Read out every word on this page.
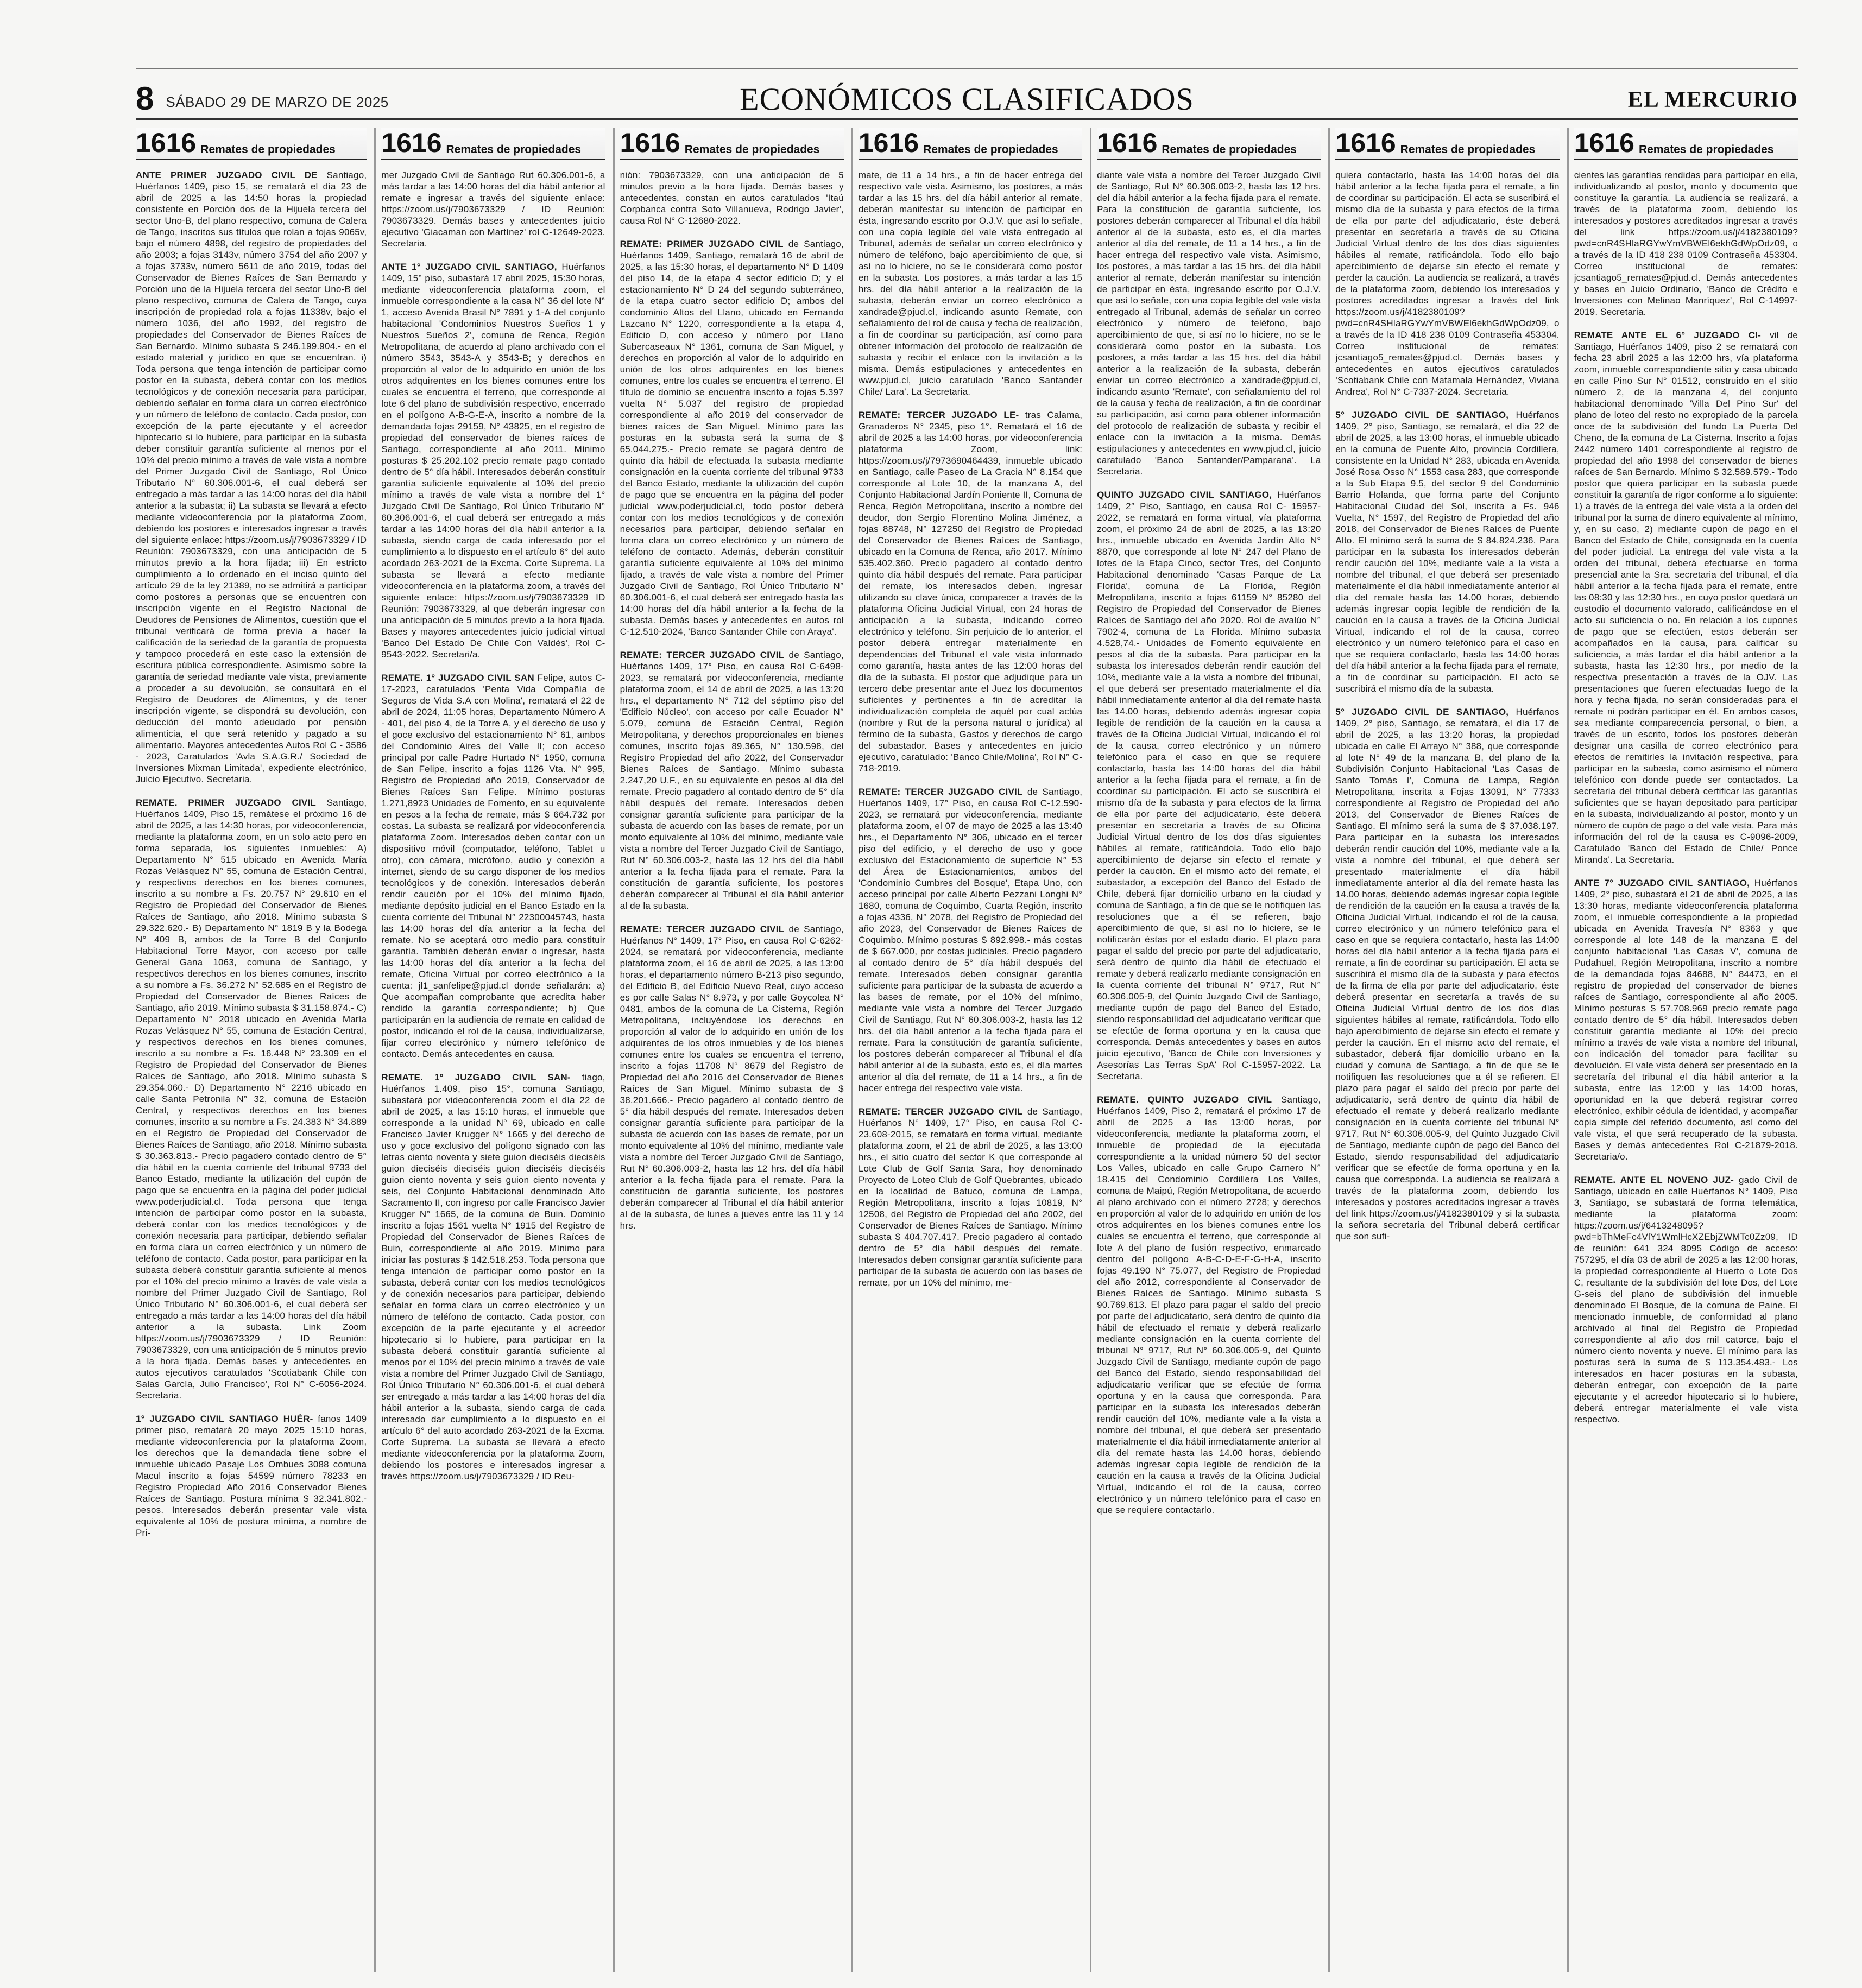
8 SÁBADO 29 DE MARZO DE 2025	ECONÓMICOS CLASIFICADOS	EL MERCURIO
1616 Remates de propiedades

ANTE PRIMER JUZGADO CIVIL DE Santiago, Huérfanos 1409, piso 15, se rematará el día 23 de abril de 2025 a las 14:50 horas la propiedad consistente en Porción dos de la Hijuela tercera del sector Uno-B, del plano respectivo, comuna de Calera de Tango, inscritos sus títulos que rolan a fojas 9065v, bajo el número 4898, del registro de propiedades del año 2003; a fojas 3143v, número 3754 del año 2007 y a fojas 3733v, número 5611 de año 2019, todas del Conservador de Bienes Raíces de San Bernardo y Porción uno de la Hijuela tercera del sector Uno-B del plano respectivo, comuna de Calera de Tango, cuya inscripción de propiedad rola a fojas 11338v, bajo el número 1036, del año 1992, del registro de propiedades del Conservador de Bienes Raíces de San Bernardo. Mínimo subasta $ 246.199.904.- en el estado material y jurídico en que se encuentran. i) Toda persona que tenga intención de participar como postor en la subasta, deberá contar con los medios tecnológicos y de conexión necesaria para participar, debiendo señalar en forma clara un correo electrónico y un número de teléfono de contacto. Cada postor, con excepción de la parte ejecutante y el acreedor hipotecario si lo hubiere, para participar en la subasta deber constituir garantía suficiente al menos por el 10% del precio mínimo a través de vale vista a nombre del Primer Juzgado Civil de Santiago, Rol Único Tributario N° 60.306.001-6, el cual deberá ser entregado a más tardar a las 14:00 horas del día hábil anterior a la subasta; ii) La subasta se llevará a efecto mediante videoconferencia por la plataforma Zoom, debiendo los postores e interesados ingresar a través del siguiente enlace: https://zoom.us/j/7903673329 / ID Reunión: 7903673329, con una anticipación de 5 minutos previo a la hora fijada; iii) En estricto cumplimiento a lo ordenado en el inciso quinto del artículo 29 de la ley 21389, no se admitirá a participar como postores a personas que se encuentren con inscripción vigente en el Registro Nacional de Deudores de Pensiones de Alimentos, cuestión que el tribunal verificará de forma previa a hacer la calificación de la seriedad de la garantía de propuesta y tampoco procederá en este caso la extensión de escritura pública correspondiente. Asimismo sobre la garantía de seriedad mediante vale vista, previamente a proceder a su devolución, se consultará en el Registro de Deudores de Alimentos, y de tener inscripción vigente, se dispondrá su devolución, con deducción del monto adeudado por pensión alimenticia, el que será retenido y pagado a su alimentario. Mayores antecedentes Autos Rol C - 3586 - 2023, Caratulados 'Avla S.A.G.R./ Sociedad de Inversiones Mixman Limitada', expediente electrónico, Juicio Ejecutivo. Secretaria.

REMATE. PRIMER JUZGADO CIVIL Santiago, Huérfanos 1409, Piso 15, remátese el próximo 16 de abril de 2025, a las 14:30 horas, por videoconferencia, mediante la plataforma zoom, en un solo acto pero en forma separada, los siguientes inmuebles: A) Departamento N° 515 ubicado en Avenida María Rozas Velásquez N° 55, comuna de Estación Central, y respectivos derechos en los bienes comunes, inscrito a su nombre a Fs. 20.757 N° 29.610 en el Registro de Propiedad del Conservador de Bienes Raíces de Santiago, año 2018. Mínimo subasta $ 29.322.620.- B) Departamento N° 1819 B y la Bodega N° 409 B, ambos de la Torre B del Conjunto Habitacional Torre Mayor, con acceso por calle General Gana 1063, comuna de Santiago, y respectivos derechos en los bienes comunes, inscrito a su nombre a Fs. 36.272 N° 52.685 en el Registro de Propiedad del Conservador de Bienes Raíces de Santiago, año 2019. Mínimo subasta $ 31.158.874.- C) Departamento N° 2018 ubicado en Avenida María Rozas Velásquez N° 55, comuna de Estación Central, y respectivos derechos en los bienes comunes, inscrito a su nombre a Fs. 16.448 N° 23.309 en el Registro de Propiedad del Conservador de Bienes Raíces de Santiago, año 2018. Mínimo subasta $ 29.354.060.- D) Departamento N° 2216 ubicado en calle Santa Petronila N° 32, comuna de Estación Central, y respectivos derechos en los bienes comunes, inscrito a su nombre a Fs. 24.383 N° 34.889 en el Registro de Propiedad del Conservador de Bienes Raíces de Santiago, año 2018. Mínimo subasta $ 30.363.813.- Precio pagadero contado dentro de 5° día hábil en la cuenta corriente del tribunal 9733 del Banco Estado, mediante la utilización del cupón de pago que se encuentra en la página del poder judicial www.poderjudicial.cl. Toda persona que tenga intención de participar como postor en la subasta, deberá contar con los medios tecnológicos y de conexión necesaria para participar, debiendo señalar en forma clara un correo electrónico y un número de teléfono de contacto. Cada postor, para participar en la subasta deberá constituir garantía suficiente al menos por el 10% del precio mínimo a través de vale vista a nombre del Primer Juzgado Civil de Santiago, Rol Único Tributario N° 60.306.001-6, el cual deberá ser entregado a más tardar a las 14:00 horas del día hábil anterior a la subasta. Link Zoom https://zoom.us/j/7903673329 / ID Reunión: 7903673329, con una anticipación de 5 minutos previo a la hora fijada. Demás bases y antecedentes en autos ejecutivos caratulados 'Scotiabank Chile con Salas García, Julio Francisco', Rol N° C-6056-2024. Secretaria.

1° JUZGADO CIVIL SANTIAGO HUÉR- fanos 1409 primer piso, rematará 20 mayo 2025 15:10 horas, mediante videoconferencia por la plataforma Zoom, los derechos que la demandada tiene sobre el inmueble ubicado Pasaje Los Ombues 3088 comuna Macul inscrito a fojas 54599 número 78233 en Registro Propiedad Año 2016 Conservador Bienes Raíces de Santiago. Postura mínima $ 32.341.802.-pesos. Interesados deberán presentar vale vista equivalente al 10% de postura mínima, a nombre de Pri-

1616 Remates de propiedades

mer Juzgado Civil de Santiago Rut 60.306.001-6, a más tardar a las 14:00 horas del día hábil anterior al remate e ingresar a través del siguiente enlace: https://zoom.us/j/7903673329 / ID Reunión: 7903673329. Demás bases y antecedentes juicio ejecutivo 'Giacaman con Martínez' rol C-12649-2023. Secretaria.

ANTE 1° JUZGADO CIVIL SANTIAGO, Huérfanos 1409, 15° piso, subastará 17 abril 2025, 15:30 horas, mediante videoconferencia plataforma zoom, el inmueble correspondiente a la casa N° 36 del lote N° 1, acceso Avenida Brasil N° 7891 y 1-A del conjunto habitacional 'Condominios Nuestros Sueños 1 y Nuestros Sueños 2', comuna de Renca, Región Metropolitana, de acuerdo al plano archivado con el número 3543, 3543-A y 3543-B; y derechos en proporción al valor de lo adquirido en unión de los otros adquirentes en los bienes comunes entre los cuales se encuentra el terreno, que corresponde al lote 6 del plano de subdivisión respectivo, encerrado en el polígono A-B-G-E-A, inscrito a nombre de la demandada fojas 29159, N° 43825, en el registro de propiedad del conservador de bienes raíces de Santiago, correspondiente al año 2011. Mínimo posturas $ 25.202.102 precio remate pago contado dentro de 5° día hábil. Interesados deberán constituir garantía suficiente equivalente al 10% del precio mínimo a través de vale vista a nombre del 1° Juzgado Civil De Santiago, Rol Único Tributario N° 60.306.001-6, el cual deberá ser entregado a más tardar a las 14:00 horas del día hábil anterior a la subasta, siendo carga de cada interesado por el cumplimiento a lo dispuesto en el artículo 6° del auto acordado 263-2021 de la Excma. Corte Suprema. La subasta se llevará a efecto mediante videoconferencia en la plataforma zoom, a través del siguiente enlace: https://zoom.us/j/7903673329 ID Reunión: 7903673329, al que deberán ingresar con una anticipación de 5 minutos previo a la hora fijada. Bases y mayores antecedentes juicio judicial virtual 'Banco Del Estado De Chile Con Valdés', Rol C-9543-2022. Secretari/a.

REMATE. 1° JUZGADO CIVIL SAN Felipe, autos C-17-2023, caratulados 'Penta Vida Compañía de Seguros de Vida S.A con Molina', rematará el 22 de abril de 2024, 11:05 horas, Departamento Número A - 401, del piso 4, de la Torre A, y el derecho de uso y el goce exclusivo del estacionamiento N° 61, ambos del Condominio Aires del Valle II; con acceso principal por calle Padre Hurtado N° 1950, comuna de San Felipe, inscrito a fojas 1126 Vta. N° 995, Registro de Propiedad año 2019, Conservador de Bienes Raíces San Felipe. Mínimo posturas 1.271,8923 Unidades de Fomento, en su equivalente en pesos a la fecha de remate, más $ 664.732 por costas. La subasta se realizará por videoconferencia plataforma Zoom. Interesados deben contar con un dispositivo móvil (computador, teléfono, Tablet u otro), con cámara, micrófono, audio y conexión a internet, siendo de su cargo disponer de los medios tecnológicos y de conexión. Interesados deberán rendir caución por el 10% del mínimo fijado, mediante depósito judicial en el Banco Estado en la cuenta corriente del Tribunal N° 22300045743, hasta las 14:00 horas del día anterior a la fecha del remate. No se aceptará otro medio para constituir garantía. También deberán enviar o ingresar, hasta las 14:00 horas del día anterior a la fecha del remate, Oficina Virtual por correo electrónico a la cuenta: jl1_sanfelipe@pjud.cl donde señalarán: a) Que acompañan comprobante que acredita haber rendido la garantía correspondiente; b) Que participarán en la audiencia de remate en calidad de postor, indicando el rol de la causa, individualizarse, fijar correo electrónico y número telefónico de contacto. Demás antecedentes en causa.

REMATE. 1° JUZGADO CIVIL SAN- tiago, Huérfanos 1.409, piso 15°, comuna Santiago, subastará por videoconferencia zoom el día 22 de abril de 2025, a las 15:10 horas, el inmueble que corresponde a la unidad N° 69, ubicado en calle Francisco Javier Krugger N° 1665 y del derecho de uso y goce exclusivo del polígono signado con las letras ciento noventa y siete guion dieciséis dieciséis guion dieciséis dieciséis guion dieciséis dieciséis guion ciento noventa y seis guion ciento noventa y seis, del Conjunto Habitacional denominado Alto Sacramento II, con ingreso por calle Francisco Javier Krugger N° 1665, de la comuna de Buin. Dominio inscrito a fojas 1561 vuelta N° 1915 del Registro de Propiedad del Conservador de Bienes Raíces de Buin, correspondiente al año 2019. Mínimo para iniciar las posturas $ 142.518.253. Toda persona que tenga intención de participar como postor en la subasta, deberá contar con los medios tecnológicos y de conexión necesarios para participar, debiendo señalar en forma clara un correo electrónico y un número de teléfono de contacto. Cada postor, con excepción de la parte ejecutante y el acreedor hipotecario si lo hubiere, para participar en la subasta deberá constituir garantía suficiente al menos por el 10% del precio mínimo a través de vale vista a nombre del Primer Juzgado Civil de Santiago, Rol Único Tributario N° 60.306.001-6, el cual deberá ser entregado a más tardar a las 14:00 horas del día hábil anterior a la subasta, siendo carga de cada interesado dar cumplimiento a lo dispuesto en el artículo 6° del auto acordado 263-2021 de la Excma. Corte Suprema. La subasta se llevará a efecto mediante videoconferencia por la plataforma Zoom, debiendo los postores e interesados ingresar a través https://zoom.us/j/7903673329 / ID Reu-

1616 Remates de propiedades

nión: 7903673329, con una anticipación de 5 minutos previo a la hora fijada. Demás bases y antecedentes, constan en autos caratulados 'Itaú Corpbanca contra Soto Villanueva, Rodrigo Javier', causa Rol N° C-12680-2022.

REMATE: PRIMER JUZGADO CIVIL de Santiago, Huérfanos 1409, Santiago, rematará 16 de abril de 2025, a las 15:30 horas, el departamento N° D 1409 del piso 14, de la etapa 4 sector edificio D; y el estacionamiento N° D 24 del segundo subterráneo, de la etapa cuatro sector edificio D; ambos del condominio Altos del Llano, ubicado en Fernando Lazcano N° 1220, correspondiente a la etapa 4, Edificio D, con acceso y número por Llano Subercaseaux N° 1361, comuna de San Miguel, y derechos en proporción al valor de lo adquirido en unión de los otros adquirentes en los bienes comunes, entre los cuales se encuentra el terreno. El título de dominio se encuentra inscrito a fojas 5.397 vuelta N° 5.037 del registro de propiedad correspondiente al año 2019 del conservador de bienes raíces de San Miguel. Mínimo para las posturas en la subasta será la suma de $ 65.044.275.- Precio remate se pagará dentro de quinto día hábil de efectuada la subasta mediante consignación en la cuenta corriente del tribunal 9733 del Banco Estado, mediante la utilización del cupón de pago que se encuentra en la página del poder judicial www.poderjudicial.cl, todo postor deberá contar con los medios tecnológicos y de conexión necesarios para participar, debiendo señalar en forma clara un correo electrónico y un número de teléfono de contacto. Además, deberán constituir garantía suficiente equivalente al 10% del mínimo fijado, a través de vale vista a nombre del Primer Juzgado Civil de Santiago, Rol Único Tributario N° 60.306.001-6, el cual deberá ser entregado hasta las 14:00 horas del día hábil anterior a la fecha de la subasta. Demás bases y antecedentes en autos rol C-12.510-2024, 'Banco Santander Chile con Araya'.

REMATE: TERCER JUZGADO CIVIL de Santiago, Huérfanos 1409, 17° Piso, en causa Rol C-6498-2023, se rematará por videoconferencia, mediante plataforma zoom, el 14 de abril de 2025, a las 13:20 hrs., el departamento N° 712 del séptimo piso del 'Edificio Núcleo', con acceso por calle Ecuador N° 5.079, comuna de Estación Central, Región Metropolitana, y derechos proporcionales en bienes comunes, inscrito fojas 89.365, N° 130.598, del Registro Propiedad del año 2022, del Conservador Bienes Raíces de Santiago. Mínimo subasta 2.247,20 U.F., en su equivalente en pesos al día del remate. Precio pagadero al contado dentro de 5° día hábil después del remate. Interesados deben consignar garantía suficiente para participar de la subasta de acuerdo con las bases de remate, por un monto equivalente al 10% del mínimo, mediante vale vista a nombre del Tercer Juzgado Civil de Santiago, Rut N° 60.306.003-2, hasta las 12 hrs del día hábil anterior a la fecha fijada para el remate. Para la constitución de garantía suficiente, los postores deberán comparecer al Tribunal el día hábil anterior al de la subasta.

REMATE: TERCER JUZGADO CIVIL de Santiago, Huérfanos N° 1409, 17° Piso, en causa Rol C-6262-2024, se rematará por videoconferencia, mediante plataforma zoom, el 16 de abril de 2025, a las 13:00 horas, el departamento número B-213 piso segundo, del Edificio B, del Edificio Nuevo Real, cuyo acceso es por calle Salas N° 8.973, y por calle Goycolea N° 0481, ambos de la comuna de La Cisterna, Región Metropolitana, incluyéndose los derechos en proporción al valor de lo adquirido en unión de los adquirentes de los otros inmuebles y de los bienes comunes entre los cuales se encuentra el terreno, inscrito a fojas 11708 N° 8679 del Registro de Propiedad del año 2016 del Conservador de Bienes Raíces de San Miguel. Mínimo subasta de $ 38.201.666.- Precio pagadero al contado dentro de 5° día hábil después del remate. Interesados deben consignar garantía suficiente para participar de la subasta de acuerdo con las bases de remate, por un monto equivalente al 10% del mínimo, mediante vale vista a nombre del Tercer Juzgado Civil de Santiago, Rut N° 60.306.003-2, hasta las 12 hrs. del día hábil anterior a la fecha fijada para el remate. Para la constitución de garantía suficiente, los postores deberán comparecer al Tribunal el día hábil anterior al de la subasta, de lunes a jueves entre las 11 y 14 hrs.

1616 Remates de propiedades

mate, de 11 a 14 hrs., a fin de hacer entrega del respectivo vale vista. Asimismo, los postores, a más tardar a las 15 hrs. del día hábil anterior al remate, deberán manifestar su intención de participar en ésta, ingresando escrito por O.J.V. que así lo señale, con una copia legible del vale vista entregado al Tribunal, además de señalar un correo electrónico y número de teléfono, bajo apercibimiento de que, si así no lo hiciere, no se le considerará como postor en la subasta. Los postores, a más tardar a las 15 hrs. del día hábil anterior a la realización de la subasta, deberán enviar un correo electrónico a xandrade@pjud.cl, indicando asunto Remate, con señalamiento del rol de causa y fecha de realización, a fin de coordinar su participación, así como para obtener información del protocolo de realización de subasta y recibir el enlace con la invitación a la misma. Demás estipulaciones y antecedentes en www.pjud.cl, juicio caratulado 'Banco Santander Chile/ Lara'. La Secretaria.

REMATE: TERCER JUZGADO LE- tras Calama, Granaderos N° 2345, piso 1°. Rematará el 16 de abril de 2025 a las 14:00 horas, por videoconferencia plataforma Zoom, link: https://zoom.us/j/7973690464439, inmueble ubicado en Santiago, calle Paseo de La Gracia N° 8.154 que corresponde al Lote 10, de la manzana A, del Conjunto Habitacional Jardín Poniente II, Comuna de Renca, Región Metropolitana, inscrito a nombre del deudor, don Sergio Florentino Molina Jiménez, a fojas 88748, N° 127250 del Registro de Propiedad del Conservador de Bienes Raíces de Santiago, ubicado en la Comuna de Renca, año 2017. Mínimo 535.402.360. Precio pagadero al contado dentro quinto día hábil después del remate. Para participar del remate, los interesados deben, ingresar utilizando su clave única, comparecer a través de la plataforma Oficina Judicial Virtual, con 24 horas de anticipación a la subasta, indicando correo electrónico y teléfono. Sin perjuicio de lo anterior, el postor deberá entregar materialmente en dependencias del Tribunal el vale vista informado como garantía, hasta antes de las 12:00 horas del día de la subasta. El postor que adjudique para un tercero debe presentar ante el Juez los documentos suficientes y pertinentes a fin de acreditar la individualización completa de aquél por cual actúa (nombre y Rut de la persona natural o jurídica) al término de la subasta, Gastos y derechos de cargo del subastador. Bases y antecedentes en juicio ejecutivo, caratulado: 'Banco Chile/Molina', Rol N° C-718-2019.

REMATE: TERCER JUZGADO CIVIL de Santiago, Huérfanos 1409, 17° Piso, en causa Rol C-12.590-2023, se rematará por videoconferencia, mediante plataforma zoom, el 07 de mayo de 2025 a las 13:40 hrs., el Departamento N° 306, ubicado en el tercer piso del edificio, y el derecho de uso y goce exclusivo del Estacionamiento de superficie N° 53 del Área de Estacionamientos, ambos del 'Condominio Cumbres del Bosque', Etapa Uno, con acceso principal por calle Alberto Pezzani Longhi N° 1680, comuna de Coquimbo, Cuarta Región, inscrito a fojas 4336, N° 2078, del Registro de Propiedad del año 2023, del Conservador de Bienes Raíces de Coquimbo. Mínimo posturas $ 892.998.- más costas de $ 667.000, por costas judiciales. Precio pagadero al contado dentro de 5° día hábil después del remate. Interesados deben consignar garantía suficiente para participar de la subasta de acuerdo a las bases de remate, por el 10% del mínimo, mediante vale vista a nombre del Tercer Juzgado Civil de Santiago, Rut N° 60.306.003-2, hasta las 12 hrs. del día hábil anterior a la fecha fijada para el remate. Para la constitución de garantía suficiente, los postores deberán comparecer al Tribunal el día hábil anterior al de la subasta, esto es, el día martes anterior al día del remate, de 11 a 14 hrs., a fin de hacer entrega del respectivo vale vista.

REMATE: TERCER JUZGADO CIVIL de Santiago, Huérfanos N° 1409, 17° Piso, en causa Rol C-23.608-2015, se rematará en forma virtual, mediante plataforma zoom, el 21 de abril de 2025, a las 13:00 hrs., el sitio cuatro del sector K que corresponde al Lote Club de Golf Santa Sara, hoy denominado Proyecto de Loteo Club de Golf Quebrantes, ubicado en la localidad de Batuco, comuna de Lampa, Región Metropolitana, inscrito a fojas 10819, N° 12508, del Registro de Propiedad del año 2002, del Conservador de Bienes Raíces de Santiago. Mínimo subasta $ 404.707.417. Precio pagadero al contado dentro de 5° día hábil después del remate. Interesados deben consignar garantía suficiente para participar de la subasta de acuerdo con las bases de remate, por un 10% del mínimo, me-

1616 Remates de propiedades

diante vale vista a nombre del Tercer Juzgado Civil de Santiago, Rut N° 60.306.003-2, hasta las 12 hrs. del día hábil anterior a la fecha fijada para el remate. Para la constitución de garantía suficiente, los postores deberán comparecer al Tribunal el día hábil anterior al de la subasta, esto es, el día martes anterior al día del remate, de 11 a 14 hrs., a fin de hacer entrega del respectivo vale vista. Asimismo, los postores, a más tardar a las 15 hrs. del día hábil anterior al remate, deberán manifestar su intención de participar en ésta, ingresando escrito por O.J.V. que así lo señale, con una copia legible del vale vista entregado al Tribunal, además de señalar un correo electrónico y número de teléfono, bajo apercibimiento de que, si así no lo hiciere, no se le considerará como postor en la subasta. Los postores, a más tardar a las 15 hrs. del día hábil anterior a la realización de la subasta, deberán enviar un correo electrónico a xandrade@pjud.cl, indicando asunto 'Remate', con señalamiento del rol de la causa y fecha de realización, a fin de coordinar su participación, así como para obtener información del protocolo de realización de subasta y recibir el enlace con la invitación a la misma. Demás estipulaciones y antecedentes en www.pjud.cl, juicio caratulado 'Banco Santander/Pamparana'. La Secretaria.

QUINTO JUZGADO CIVIL SANTIAGO, Huérfanos 1409, 2° Piso, Santiago, en causa Rol C- 15957-2022, se rematará en forma virtual, vía plataforma zoom, el próximo 24 de abril de 2025, a las 13:20 hrs., inmueble ubicado en Avenida Jardín Alto N° 8870, que corresponde al lote N° 247 del Plano de lotes de la Etapa Cinco, sector Tres, del Conjunto Habitacional denominado 'Casas Parque de La Florida', comuna de La Florida, Región Metropolitana, inscrito a fojas 61159 N° 85280 del Registro de Propiedad del Conservador de Bienes Raíces de Santiago del año 2020. Rol de avalúo N° 7902-4, comuna de La Florida. Mínimo subasta 4.528,74.- Unidades de Fomento equivalente en pesos al día de la subasta. Para participar en la subasta los interesados deberán rendir caución del 10%, mediante vale a la vista a nombre del tribunal, el que deberá ser presentado materialmente el día hábil inmediatamente anterior al día del remate hasta las 14.00 horas, debiendo además ingresar copia legible de rendición de la caución en la causa a través de la Oficina Judicial Virtual, indicando el rol de la causa, correo electrónico y un número telefónico para el caso en que se requiere contactarlo, hasta las 14:00 horas del día hábil anterior a la fecha fijada para el remate, a fin de coordinar su participación. El acto se suscribirá el mismo día de la subasta y para efectos de la firma de ella por parte del adjudicatario, éste deberá presentar en secretaría a través de su Oficina Judicial Virtual dentro de los dos días siguientes hábiles al remate, ratificándola. Todo ello bajo apercibimiento de dejarse sin efecto el remate y perder la caución. En el mismo acto del remate, el subastador, a excepción del Banco del Estado de Chile, deberá fijar domicilio urbano en la ciudad y comuna de Santiago, a fin de que se le notifiquen las resoluciones que a él se refieren, bajo apercibimiento de que, si así no lo hiciere, se le notificarán éstas por el estado diario. El plazo para pagar el saldo del precio por parte del adjudicatario, será dentro de quinto día hábil de efectuado el remate y deberá realizarlo mediante consignación en la cuenta corriente del tribunal N° 9717, Rut N° 60.306.005-9, del Quinto Juzgado Civil de Santiago, mediante cupón de pago del Banco del Estado, siendo responsabilidad del adjudicatario verificar que se efectúe de forma oportuna y en la causa que corresponda. Demás antecedentes y bases en autos juicio ejecutivo, 'Banco de Chile con Inversiones y Asesorías Las Terras SpA' Rol C-15957-2022. La Secretaria.

REMATE. QUINTO JUZGADO CIVIL Santiago, Huérfanos 1409, Piso 2, rematará el próximo 17 de abril de 2025 a las 13:00 horas, por videoconferencia, mediante la plataforma zoom, el inmueble de propiedad de la ejecutada correspondiente a la unidad número 50 del sector Los Valles, ubicado en calle Grupo Carnero N° 18.415 del Condominio Cordillera Los Valles, comuna de Maipú, Región Metropolitana, de acuerdo al plano archivado con el número 2728; y derechos en proporción al valor de lo adquirido en unión de los otros adquirentes en los bienes comunes entre los cuales se encuentra el terreno, que corresponde al lote A del plano de fusión respectivo, enmarcado dentro del polígono A-B-C-D-E-F-G-H-A, inscrito fojas 49.190 N° 75.077, del Registro de Propiedad del año 2012, correspondiente al Conservador de Bienes Raíces de Santiago. Mínimo subasta $ 90.769.613. El plazo para pagar el saldo del precio por parte del adjudicatario, será dentro de quinto día hábil de efectuado el remate y deberá realizarlo mediante consignación en la cuenta corriente del tribunal N° 9717, Rut N° 60.306.005-9, del Quinto Juzgado Civil de Santiago, mediante cupón de pago del Banco del Estado, siendo responsabilidad del adjudicatario verificar que se efectúe de forma oportuna y en la causa que corresponda. Para participar en la subasta los interesados deberán rendir caución del 10%, mediante vale a la vista a nombre del tribunal, el que deberá ser presentado materialmente el día hábil inmediatamente anterior al día del remate hasta las 14.00 horas, debiendo además ingresar copia legible de rendición de la caución en la causa a través de la Oficina Judicial Virtual, indicando el rol de la causa, correo electrónico y un número telefónico para el caso en que se requiere contactarlo.

1616 Remates de propiedades

quiera contactarlo, hasta las 14:00 horas del día hábil anterior a la fecha fijada para el remate, a fin de coordinar su participación. El acta se suscribirá el mismo día de la subasta y para efectos de la firma de ella por parte del adjudicatario, éste deberá presentar en secretaría a través de su Oficina Judicial Virtual dentro de los dos días siguientes hábiles al remate, ratificándola. Todo ello bajo apercibimiento de dejarse sin efecto el remate y perder la caución. La audiencia se realizará, a través de la plataforma zoom, debiendo los interesados y postores acreditados ingresar a través del link https://zoom.us/j/4182380109?pwd=cnR4SHlaRGYwYmVBWEl6ekhGdWpOdz09, o a través de la ID 418 238 0109 Contraseña 453304. Correo institucional de remates: jcsantiago5_remates@pjud.cl. Demás bases y antecedentes en autos ejecutivos caratulados 'Scotiabank Chile con Matamala Hernández, Viviana Andrea', Rol N° C-7337-2024. Secretaria.

5° JUZGADO CIVIL DE SANTIAGO, Huérfanos 1409, 2° piso, Santiago, se rematará, el día 22 de abril de 2025, a las 13:00 horas, el inmueble ubicado en la comuna de Puente Alto, provincia Cordillera, consistente en la Unidad N° 283, ubicada en Avenida José Rosa Osso N° 1553 casa 283, que corresponde a la Sub Etapa 9.5, del sector 9 del Condominio Barrio Holanda, que forma parte del Conjunto Habitacional Ciudad del Sol, inscrita a Fs. 946 Vuelta, N° 1597, del Registro de Propiedad del año 2018, del Conservador de Bienes Raíces de Puente Alto. El mínimo será la suma de $ 84.824.236. Para participar en la subasta los interesados deberán rendir caución del 10%, mediante vale a la vista a nombre del tribunal, el que deberá ser presentado materialmente el día hábil inmediatamente anterior al día del remate hasta las 14.00 horas, debiendo además ingresar copia legible de rendición de la caución en la causa a través de la Oficina Judicial Virtual, indicando el rol de la causa, correo electrónico y un número telefónico para el caso en que se requiera contactarlo, hasta las 14:00 horas del día hábil anterior a la fecha fijada para el remate, a fin de coordinar su participación. El acto se suscribirá el mismo día de la subasta.

5° JUZGADO CIVIL DE SANTIAGO, Huérfanos 1409, 2° piso, Santiago, se rematará, el día 17 de abril de 2025, a las 13:20 horas, la propiedad ubicada en calle El Arrayo N° 388, que corresponde al lote N° 49 de la manzana B, del plano de la Subdivisión Conjunto Habitacional 'Las Casas de Santo Tomás I', Comuna de Lampa, Región Metropolitana, inscrita a Fojas 13091, N° 77333 correspondiente al Registro de Propiedad del año 2013, del Conservador de Bienes Raíces de Santiago. El mínimo será la suma de $ 37.038.197. Para participar en la subasta los interesados deberán rendir caución del 10%, mediante vale a la vista a nombre del tribunal, el que deberá ser presentado materialmente el día hábil inmediatamente anterior al día del remate hasta las 14.00 horas, debiendo además ingresar copia legible de rendición de la caución en la causa a través de la Oficina Judicial Virtual, indicando el rol de la causa, correo electrónico y un número telefónico para el caso en que se requiera contactarlo, hasta las 14:00 horas del día hábil anterior a la fecha fijada para el remate, a fin de coordinar su participación. El acta se suscribirá el mismo día de la subasta y para efectos de la firma de ella por parte del adjudicatario, éste deberá presentar en secretaría a través de su Oficina Judicial Virtual dentro de los dos días siguientes hábiles al remate, ratificándola. Todo ello bajo apercibimiento de dejarse sin efecto el remate y perder la caución. En el mismo acto del remate, el subastador, deberá fijar domicilio urbano en la ciudad y comuna de Santiago, a fin de que se le notifiquen las resoluciones que a él se refieren. El plazo para pagar el saldo del precio por parte del adjudicatario, será dentro de quinto día hábil de efectuado el remate y deberá realizarlo mediante consignación en la cuenta corriente del tribunal N° 9717, Rut N° 60.306.005-9, del Quinto Juzgado Civil de Santiago, mediante cupón de pago del Banco del Estado, siendo responsabilidad del adjudicatario verificar que se efectúe de forma oportuna y en la causa que corresponda. La audiencia se realizará a través de la plataforma zoom, debiendo los interesados y postores acreditados ingresar a través del link https://zoom.us/j/4182380109 y si la subasta la señora secretaria del Tribunal deberá certificar que son sufi-

1616 Remates de propiedades

cientes las garantías rendidas para participar en ella, individualizando al postor, monto y documento que constituye la garantía. La audiencia se realizará, a través de la plataforma zoom, debiendo los interesados y postores acreditados ingresar a través del link https://zoom.us/j/4182380109?pwd=cnR4SHlaRGYwYmVBWEl6ekhGdWpOdz09, o a través de la ID 418 238 0109 Contraseña 453304. Correo institucional de remates: jcsantiago5_remates@pjud.cl. Demás antecedentes y bases en Juicio Ordinario, 'Banco de Crédito e Inversiones con Melinao Manríquez', Rol C-14997-2019. Secretaria.

REMATE ANTE EL 6° JUZGADO CI- vil de Santiago, Huérfanos 1409, piso 2 se rematará con fecha 23 abril 2025 a las 12:00 hrs, vía plataforma zoom, inmueble correspondiente sitio y casa ubicado en calle Pino Sur N° 01512, construido en el sitio número 2, de la manzana 4, del conjunto habitacional denominado 'Villa Del Pino Sur' del plano de loteo del resto no expropiado de la parcela once de la subdivisión del fundo La Puerta Del Cheno, de la comuna de La Cisterna. Inscrito a fojas 2442 número 1401 correspondiente al registro de propiedad del año 1998 del conservador de bienes raíces de San Bernardo. Mínimo $ 32.589.579.- Todo postor que quiera participar en la subasta puede constituir la garantía de rigor conforme a lo siguiente: 1) a través de la entrega del vale vista a la orden del tribunal por la suma de dinero equivalente al mínimo, y, en su caso, 2) mediante cupón de pago en el Banco del Estado de Chile, consignada en la cuenta del poder judicial. La entrega del vale vista a la orden del tribunal, deberá efectuarse en forma presencial ante la Sra. secretaria del tribunal, el día hábil anterior a la fecha fijada para el remate, entre las 08:30 y las 12:30 hrs., en cuyo postor quedará un custodio el documento valorado, calificándose en el acto su suficiencia o no. En relación a los cupones de pago que se efectúen, estos deberán ser acompañados en la causa, para calificar su suficiencia, a más tardar el día hábil anterior a la subasta, hasta las 12:30 hrs., por medio de la respectiva presentación a través de la OJV. Las presentaciones que fueren efectuadas luego de la hora y fecha fijada, no serán consideradas para el remate ni podrán participar en él. En ambos casos, sea mediante comparecencia personal, o bien, a través de un escrito, todos los postores deberán designar una casilla de correo electrónico para efectos de remitirles la invitación respectiva, para participar en la subasta, como asimismo el número telefónico con donde puede ser contactados. La secretaria del tribunal deberá certificar las garantías suficientes que se hayan depositado para participar en la subasta, individualizando al postor, monto y un número de cupón de pago o del vale vista. Para más información del rol de la causa es C-9096-2009, Caratulado 'Banco del Estado de Chile/ Ponce Miranda'. La Secretaria.

ANTE 7° JUZGADO CIVIL SANTIAGO, Huérfanos 1409, 2° piso, subastará el 21 de abril de 2025, a las 13:30 horas, mediante videoconferencia plataforma zoom, el inmueble correspondiente a la propiedad ubicada en Avenida Travesía N° 8363 y que corresponde al lote 148 de la manzana E del conjunto habitacional 'Las Casas V', comuna de Pudahuel, Región Metropolitana, inscrito a nombre de la demandada fojas 84688, N° 84473, en el registro de propiedad del conservador de bienes raíces de Santiago, correspondiente al año 2005. Mínimo posturas $ 57.708.969 precio remate pago contado dentro de 5° día hábil. Interesados deben constituir garantía mediante al 10% del precio mínimo a través de vale vista a nombre del tribunal, con indicación del tomador para facilitar su devolución. El vale vista deberá ser presentado en la secretaría del tribunal el día hábil anterior a la subasta, entre las 12:00 y las 14:00 horas, oportunidad en la que deberá registrar correo electrónico, exhibir cédula de identidad, y acompañar copia simple del referido documento, así como del vale vista, el que será recuperado de la subasta. Bases y demás antecedentes Rol C-21879-2018. Secretaria/o.

REMATE. ANTE EL NOVENO JUZ- gado Civil de Santiago, ubicado en calle Huérfanos N° 1409, Piso 3, Santiago, se subastará de forma telemática, mediante la plataforma zoom: https://zoom.us/j/6413248095?pwd=bThMeFc4VlY1WmlHcXZEbjZWMTc0Zz09, ID de reunión: 641 324 8095 Código de acceso: 757295, el día 03 de abril de 2025 a las 12:00 horas, la propiedad correspondiente al Huerto o Lote Dos C, resultante de la subdivisión del lote Dos, del Lote G-seis del plano de subdivisión del inmueble denominado El Bosque, de la comuna de Paine. El mencionado inmueble, de conformidad al plano archivado al final del Registro de Propiedad correspondiente al año dos mil catorce, bajo el número ciento noventa y nueve. El mínimo para las posturas será la suma de $ 113.354.483.- Los interesados en hacer posturas en la subasta, deberán entregar, con excepción de la parte ejecutante y el acreedor hipotecario si lo hubiere, deberá entregar materialmente el vale vista respectivo.
